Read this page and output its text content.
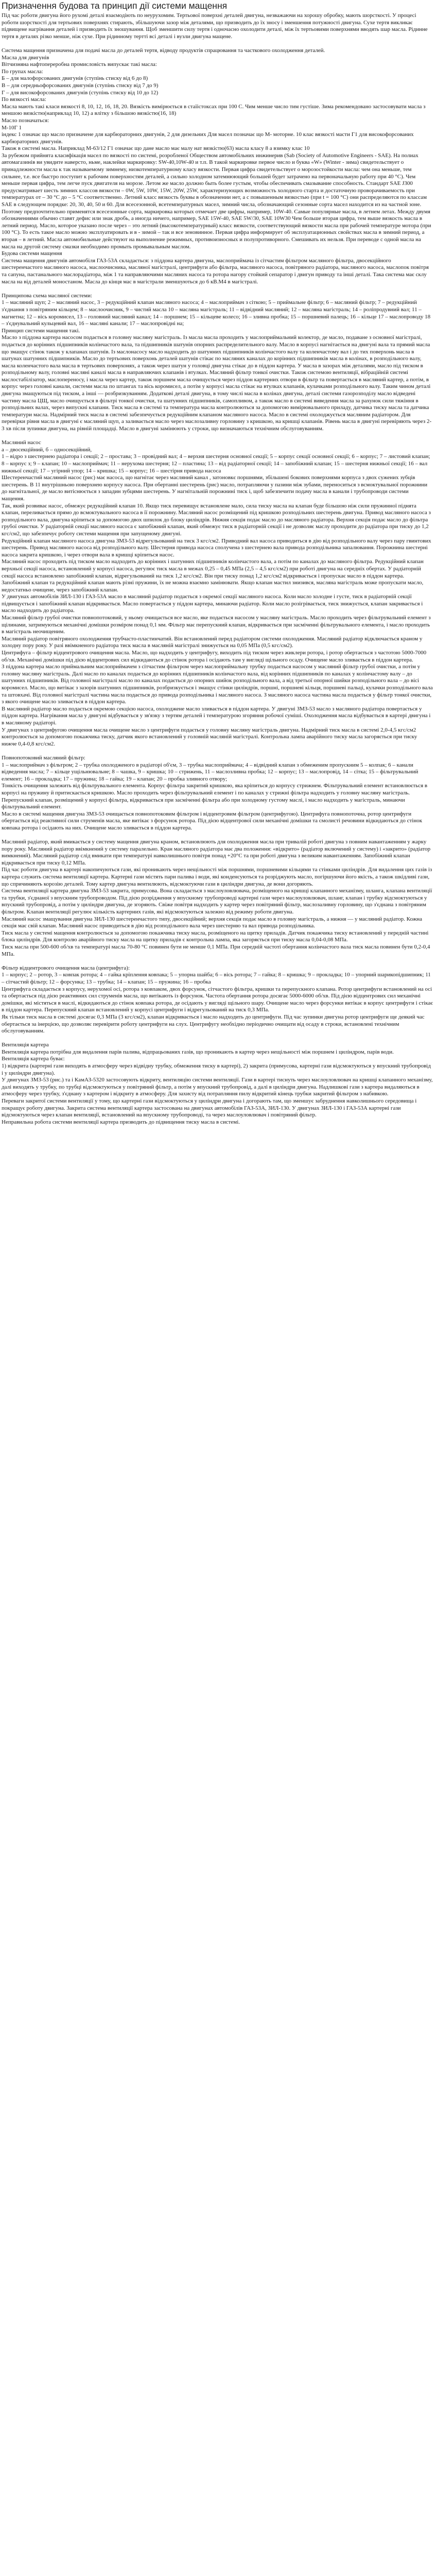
Призначення будова та принцип дії системи мащення

Під час роботи двигуна його рухомі деталі взаємодіють по неурухомим. Тертьової поверхні деталей двигуна, незважаючи на хорошу обробку, мають шорсткості. У процесі роботи шорсткості для тертьових поверхнях стирають, збільшуючи зазор між деталями, що призводить до їх зносу і зменшення потужності двигуна. Сухе тертя викликає підвищене нагрівання деталей і призводить їх зношування. Щоб зменшити силу тертя і одночасно охолодити деталі, між їх тертьовими поверхнями вводять шар масла. Рідинне тертя в деталях різко менше, ніж сухе. При рідинному тертті всі деталі і вузли двигуна мащене.

Система мащення призначена для подачі масла до деталей тертя, відводу продуктів спрацювання та часткового охолодження деталей.

Масла для двигунів

Вітчизняна нафтопереробна промисловість випускає такі масла:

По групах масла:

Б – для малофорсованих двигунів (ступінь стиску від 6 до 8)

В – для середньофорсованих двигунів (ступінь стиску від 7 до 9)

Г – для високофорсованих двигунів (ступінь стиску від 10 до 12)

По вязкості масла:

Масла мають такі класи вязкості 8, 10, 12, 16, 18, 20. Вязкість вимірюється в стаїістоксах при 100 С. Чим менше число тим густіше. Зима рекомендовано застосовувати масла з меншою вязкістю(наприклад 10, 12) а влітку з більшою вязкістю(16, 18)

Масло позначаться:

М-10Г 1

індекс 1 означає що масло призначене для карбюраторних двигунів, 2 для дизельних Для масел позначає що М- моторне. 10 клас вязкості масти Г1 для високофорсованих карбюраторних двигунів.

Також в системі масла. Наприклад М-63/12 Г1 означає що дане масло має малу нат вязкістю(63) масла класу 8 а взимку клас 10

За рубежом прийнята класифікація масел по вязкості по системі, розробленої Обществом автомобільних инжинерив (Sab (Society of Automotive Engineers - SAE). На полиах автомагазинів ви увидите наверсто, ньме, наклейки маркировку: SW-40,10W-40 и т.п. В такой маркировке первое число и буква «W» (Winter - зима) свидетельствует о принадлежности масла к так называемому зимнему, низкотемпературному класу вязкости. Первая цифра свидетельствует о морозостойкости масла: чем она меньше, тем сильнее, т.е. все быстро поступит к рабочим поверхностям деталей, а сильно холодном затемнюющий большей будет затрачено на первоначальную работу при 40 °С). Чем меньше первая цифра, тем легче пуск двигателя на морозе. Летом же масло должно быть более густым, чтобы обеспечивать смазывание способность. Стандарт SAE J300 предусматривает шесть зимних классов вязкости – 0W, 5W, 10W, 15W, 20W, 25W, характеризующих возможность холодного старта и достаточную проворачиваемость при температурах от – 30 °С до – 5 °С соответственно. Летний класс вязкость буквы в обозначении нет, а с повышенным вязкостью (при t = 100 °С) они распределяются по классам SAE в следующем порядке: 20, 30, 40, 50 и 60. Для всесезонной, всетемпературных масел, зимний числа, обозначающий сезонные сорта масел находится из на частной зоне. Поэтому предпочтительно применятся всесезонные сорта, маркировка которых отмечает две цифры, например, 10W-40. Самые популярные масла, в летнем летах. Между двумя обозначениями обычно ставят дефис или знак дробь, а иногда ничего, например, SAE 15W-40, SAE 5W/30, SAE 10W30 Чем больше вторая цифра, тем выше вязкость масла в летний период. Масло, которое указано после через – это летний (высокотемпературный) класс вязкости, соответствующий вязкости масла при рабочей температуре мотора (при 100 °С). То есть такое масло можно эксплуатировать и в - зимой – так и все зеновинное. Первая цифра информирует об эксплуатационных свойствах масла в зимний период, а вторая – в летний. Масла автомобильные действуют на выполнение режимных, противоизносных и полупротиворного. Смешивать их нельзя. При переводе с одной масла на масла на другой систему смазки необходимо промыть промывальным маслом.

Будова системи мащення

Система мащення двигунів автомобіля ГАЗ-53А складається: з піддона картера двигуна, маслоприймача із сітчастим фільтром масляного фільтра, двосекційного шестеренчастого масляного насоса, маслоочисника, масляної магістралі, центрифуги або фільтра, масляного насоса, повітряного радіатора, масляного насоса, маслопок повітря та сапуна, пастанального маслорадіатора, між 1 та направляючими масляних насоса та ротора нагору стойкий сепаратор і двигун приводу та інші деталі. Така система має склу масла на від деталей моностаном. Масла до кінця мас в магістрали зменшуються до 6 кВ.M4 в магістралі.

Принципова схема масляної системи:

1 – масляний щуп; 2 – масляний насос, 3 – редукційний клапан масляного насоса; 4 – маслоприймач з сіткою; 5 – приймальне фільтр; 6 – масляний фільтр; 7 – редукційний з'єднання з повітряним кільцем; 8 – маслоочисник, 9 – чистий масла 10 – масляна магістраль; 11 – відвідний масляний; 12 – масляна магістраль; 14 – роліпродувний вал; 11 – магнетна; 12 – вісь коромисел, 13 – головний масляний канал; 14 – поршнем; 15 – кільцеве колесо; 16 – зливна пробка; 15 – поршневий палець; 16 – кільце 17 – маслопроводу 18 – з'єднувальний кульцевий вал, 16 – масляні канали; 17 – маслопровідні на;

Принцип системи мащення такі.

Масло з піддона картера насосом подається в головну масляну магістраль. Із масла масла проходить у маслоприймальний колектор, де масло, подаване з основної магістралі, подається до корінних підшипників колінчастого вала, та підшипників шатунів опорних распределительного валу. Масло в корпусі нагнітається на двигуні вала та прямий масла що змащує стінок також у клапанах шатунів. Із маслонасосу масло надходить до шатунних підшипників колінчастого валу та коленчастому вал і до тих поверхонь масла в шатунах шатунних підшипників. Масло до тертьових поверхонь деталей шатунів стікає по масляних каналах до корінних підшипників масла в колінах, в розподільного валу, масла коленчастого вала масла в тертьових поверхонях, а також через шатун у головці двигуна стікає до в піддон картера. У масла в зазорах між деталями, масло під тиском в розподільному валу, головні масляні каналі масла в направляючих клапанів і втулках. Масляний фільтр тонкої очистки. Також системою вентиляції, вібраційній системі маслостабілізатор, маслопереносу, і масла через картер, також поршнем масла очищується через піддон картерних отвори в фільтр та повертається в масляний картер, а потім, в корпус через головні канали, системи масла по штангах та вісь коромисел, а потім у корпусі масла стікає на втулках клапанів, кулачками розподільного валу. Таким чином деталі двигуна змащуються під тиском, а інші — розбризкуванням. Додаткові деталі двигуна, в тому числі масла в колінах двигуна, деталі системи газорозподілу масло відведені частину масла ЦЩ, масло очищується в фільтрі тонкої очистки, та шатунних підшипників, самопливом, а також масло в системі виведення масла за рахунок сили тяжіння в розподільних валах, через випускні клапани. Тиск масла в системі та температура масла контролюються за допомогою вимірювального приладу, датчика тиску масла та датчика температури масла. Надмірний тиск масла в системі забезпечується редукційним клапаном масляного насоса. Масло в системі охолоджується масляним радіатором. Для перевірки рівня масла в двигуні є масляний щуп, а заливається масло через маслозаливну горловину з кришкою, на кришці клапанів. Рівень масла в двигуні перевіряють через 2-3 хв після зупинки двигуна, на рівній площадці. Масло в двигуні замінюють у строки, що визначаються технічним обслуговуванням.

Масляний насос

а – двосекційний, б – односекційний,

1 – відро з шестернею радіатора і секції; 2 – простава; 3 – провідний вал; 4 – верхня шестерня основної секції; 5 – корпус секції основної секції; 6 – корпус; 7 – листовий клапан; 8 – корпус з; 9 – клапан; 10 – маслоприймач; 11 – нерухома шестерня; 12 – пластина; 13 – від радіаторної секції; 14 – запобіжний клапан; 15 – шестерня нижньої секції; 16 – вал нижньої секції; 17 – угірний упор; 14 – кришка; 15 – корпус; 16 – шестірня привода насоса

Шестеренчастий масляний насос (рис) має насоса, що нагнітає через масляний канал , затоновкє поршнями, збільшені бокових поверхнями корпуса з двох сужених зубців шестерень. В 11 внутрішньою поверхнею корпусу насоса. При обертанні шестерень (рис) масло, потрапляючи у пазини між зубами, переноситься з всмоктувальної порожнини до нагнітальної, де масло витіснюється з западин зубцями шестерень. У нагнітальній порожнині тиск і, щоб забезпечити подачу масла в канали і трубопроводи системи мащення.

Так, який розвиває насос, обмежує редукційний клапан 10. Якщо тиск перевищує встановлене мало, сила тиску масла на клапан буде більшою ніж сили пружинної піднята клапан, переливається прямо до всмоктувального насоса в її порожнину. Масляний насос розміщений під кришкою розподільних шестерень двигуна. Привод масляного насоса з розподільного вала, двигуна кріпиться за допомогою двох шпилок до блоку циліндрів. Нижня секція подає масло до масляного радіатора. Верхня секція подає масло до фільтра грубої очистки. У радіаторній секції масляного насоса є запобіжний клапан, який обмежує тиск в радіаторній секції і не дозволяє маслу проходити до радіатора при тиску до 1,2 кгс/см2, що забезпечує роботу системи мащення при запущеному двигуні.

Редукційний клапан масляного насоса двигуна ЗМЗ-53 відрегульований на тиск 3 кгс/см2. Приводний вал насоса приводиться в дію від розподільного валу через пару гвинтових шестерень. Привод масляного насоса від розподільного валу. Шестерня привода насоса сполучена з шестернею вала привода розподільника запалювання. Порожнина шестерні насоса закрита кришкою, і через отвори вала в кришці кріпиться насос.

Масляний насос проходить під тиском масло надходить до корінних і шатунних підшипників колінчастого вала, а потім по каналах до масляного фільтра. Редукційний клапан верхньої секції насоса, встановлений у корпусі насоса, регулює тиск масла в межах 0,25 – 0,45 МПа (2,5 – 4,5 кгс/см2) при роботі двигуна на середніх обертах. У радіаторній секції насоса встановлено запобіжний клапан, відрегульований на тиск 1,2 кгс/см2. Він при тиску понад 1,2 кгс/см2 відкривається і пропускає масло в піддон картера. Запобіжний клапан та редукційний клапан мають різні пружини, їх не можна взаємно замінювати. Якщо клапан мастил знизився, масляна магістраль може пропускати масло, недостатньо очищене, через запобіжний клапан.

У двигунах автомобілів ЗИЛ-130 і ГАЗ-53А масло в масляний радіатор подається з окремої секції масляного насоса. Коли масло холодне і густе, тиск в радіаторній секції підвищується і запобіжний клапан відкривається. Масло повертається у піддон картера, минаючи радіатор. Коли масло розігрівається, тиск знижується, клапан закривається і масло надходить до радіатора.

Масляний фільтр грубої очистки повнопотоковий, у ньому очищається все масло, яке подається насосом у масляну магістраль. Масло проходить через фільтрувальний елемент з щілинами, затримуються механічні домішки розміром понад 0,1 мм. Фільтр має перепускний клапан, відкривається при засміченні фільтрувального елемента, і масло проходить в магістраль неочищеним.

Масляний радіатор повітряного охолодження трубчасто-пластинчатий. Він встановлений перед радіатором системи охолодження. Масляний радіатор відключається краном у холодну пору року. У разі ввімкненого радіатора тиск масла в масляній магістралі знижується на 0,05 МПа (0,5 кгс/см2).

Центрифуга – фільтр відцентрового очищення масла. Масло, що надходить у центрифугу, виходить під тиском через жиклери ротора, і ротор обертається з частотою 5000-7000 об/хв. Механічні домішки під дією відцентрових сил відкидаються до стінок ротора і осідають там у вигляді щільного осаду. Очищене масло зливається в піддон картера.

З піддона картера масло приймальним маслоприймачем з сітчастим фільтром через маслоприймальну трубку подається насосом у масляний фільтр грубої очистки, а потім у головну масляну магістраль. Далі масло по каналах подається до корінних підшипників колінчастого вала, від корінних підшипників по каналах у колінчастому валу – до шатунних підшипників. Від головної магістралі масло по каналах подається до опорних шийок розподільного вала, а від третьої опорної шийки розподільного вала – до вісі коромисел. Масло, що витікає з зазорів шатунних підшипників, розбризкується і змащує стінки циліндрів, поршні, поршневі кільця, поршневі пальці, кулачки розподільного вала та штовхачі. Від головної магістралі частина масла подається до привода розподільника і масляного насоса. З масляного насоса частина масла подається у фільтр тонкої очистки, з якого очищене масло зливається в піддон картера.

В масляний радіатор масло подається окремою секцією насоса, охолоджене масло зливається в піддон картера. У двигуні ЗМЗ-53 масло з масляного радіатора повертається у піддон картера. Нагрівання масла у двигуні відбувається у зв'язку з тертям деталей і температурою згоряння робочої суміші. Охолодження масла відбувається в картері двигуна і в масляному радіаторі.

У двигунах з центрифугою очищення масла очищене масло з центрифуги подається у головну масляну магістраль двигуна. Надмірний тиск масла в системі 2,0-4,5 кгс/см2 контролюється за допомогою покажчика тиску, датчик якого встановлений у головній масляній магістралі. Контрольна лампа аварійного тиску масла загоряється при тиску нижче 0,4-0,8 кгс/см2.

Повнопотоковий масляний фільтр:

1 – маслоприймач з фільтром; 2 – трубка охолодженого в радіаторі об'єм, 3 – трубка маслоприймача; 4 – відвідний клапан з обмеженим пропускним 5 – колпак; 6 – канали відведення масла; 7 – кільце ущільнювальне; 8 – чашка, 9 – кришка; 10 – стрижень, 11 – маслозливна пробка; 12 – корпус; 13 – маслопровід, 14 – сітка; 15 – фільтрувальний елемент; 16 – прокладка; 17 – пружина; 18 – гайка; 19 – клапан; 20 – пробка зливного отвору;

Тонкість очищення залежить від фільтрувального елемента. Корпус фільтра закритий кришкою, яка кріпиться до корпусу стрижнем. Фільтрувальний елемент встановлюється в корпусі на пружину й притискається кришкою. Масло проходить через фільтрувальний елемент і по каналах у стрижні фільтра надходить у головну масляну магістраль. Перепускний клапан, розміщений у корпусі фільтра, відкривається при засміченні фільтра або при холодному густому маслі, і масло надходить у магістраль, минаючи фільтрувальний елемент.

Масло в системі мащення двигуна ЗМЗ-53 очищається повнопотоковим фільтром і відцентровим фільтром (центрифугою). Центрифуга повнопоточна, ротор центрифуги обертається від реактивної сили струменів масла, яке витікає з форсунок ротора. Під дією відцентрової сили механічні домішки та смолисті речовини відкидаються до стінок ковпака ротора і осідають на них. Очищене масло зливається в піддон картера.

Масляний радіатор, який вмикається у систему мащення двигуна краном, встановлюють для охолодження масла при тривалій роботі двигуна з повним навантаженням у жарку пору року. Масляний радіатор ввімкнений у систему паралельно. Кран масляного радіатора має два положення: «відкрито» (радіатор включений у систему) і «закрито» (радіатор вимкнений). Масляний радіатор слід вмикати при температурі навколишнього повітря понад +20°С та при роботі двигуна з великим навантаженням. Запобіжний клапан відкривається при тиску 0,12 МПа.

Під час роботи двигуна в картері накопичуються гази, які проникають через нещільності між поршнями, поршневими кільцями та стінками циліндрів. Для видалення цих газів із картера служить система вентиляції картера. Картерні гази містять пари палива і води, які конденсуються та розріджують масло, погіршуючи його якість, а також шкідливі гази, що спричиняють корозію деталей. Тому картер двигуна вентилюють, відсмоктуючи гази в циліндри двигуна, де вони догоряють.

Система вентиляції картера двигуна ЗМЗ-53 закрита, примусова. Вона складається з маслоуловлювача, розміщеного на кришці клапанного механізму, шланга, клапана вентиляції та трубки, з'єднаної з впускним трубопроводом. Під дією розрідження у впускному трубопроводі картерні гази через маслоуловлювач, шланг, клапан і трубку відсмоктуються у впускний трубопровід, а потім у циліндри двигуна, де згоряють. Свіже повітря надходить у картер через повітряний фільтр, маслозаливну горловину, що з'єднана з повітряним фільтром. Клапан вентиляції регулює кількість картерних газів, які відсмоктуються залежно від режиму роботи двигуна.

Масляний насос змащування двигуна ЗИЛ-130 шестеренчастого типу, двосекційний; верхня секція подає масло в головну магістраль, а нижня — у масляний радіатор. Кожна секція має свій клапан. Масляний насос приводиться в дію від розподільного вала через шестерню та вал привода розподільника.

Тиск масла у системі мащення контролюється за допомогою покажчика тиску масла, розміщеного на щитку приладів. Датчик покажчика тиску встановлений у передній частині блока циліндрів. Для контролю аварійного тиску масла на щитку приладів є контрольна лампа, яка загоряється при тиску масла 0,04-0,08 МПа.

Тиск масла при 500-600 об/хв та температурі масла 70-80 °С повинен бути не менше 0,1 МПа. При середній частоті обертання колінчастого вала тиск масла повинен бути 0,2-0,4 МПа.

Фільтр відцентрового очищення масла (центрифуга):

1 – корпус; 2 – ротор, 3 – ковпак ротора; 4 – гайка кріплення ковпака; 5 – упорна шайба; 6 – вісь ротора; 7 – гайка; 8 – кришка; 9 – прокладка; 10 – упорний шарикопідшипник; 11 – сітчастий фільтр; 12 – форсунка; 13 – трубка; 14 – клапан; 15 – пружина; 16 – пробка

Центрифуга складається з корпусу, нерухомої осі, ротора з ковпаком, двох форсунок, сітчастого фільтра, кришки та перепускного клапана. Ротор центрифуги встановлений на осі та обертається під дією реактивних сил струменів масла, що витікають із форсунок. Частота обертання ротора досягає 5000-6000 об/хв. Під дією відцентрових сил механічні домішки, які містяться в маслі, відкидаються до стінок ковпака ротора, де осідають у вигляді щільного шару. Очищене масло через форсунки витікає в корпус центрифуги і стікає в піддон картера. Перепускний клапан встановлений у корпусі центрифуги і відрегульований на тиск 0,3 МПа.

Як тільки тиск масла в системі досягає 0,3 МПа (3 кгс/см2), клапан відкривається і масло надходить до центрифуги. Під час зупинки двигуна ротор центрифуги ще деякий час обертається за інерцією, що дозволяє перевірити роботу центрифуги на слух. Центрифугу необхідно періодично очищати від осаду в строки, встановлені технічним обслуговуванням.

Вентиляція картера

Вентиляція картера потрібна для видалення парів палива, відпрацьованих газів, що проникають в картер через нещільності між поршнем і циліндром, парів води.

Вентиляція картера буває:

1) відкрита (картерні гази виходять в атмосферу через відвідну трубку, обмеження тиску в картері), 2) закрита (примусова, картерні гази відсмоктуються у впускний трубопровід і у циліндри двигуна).

У двигунах ЗМЗ-53 (рис.) та і КамАЗ-5320 застосовують відкриту, вентиляцію системи вентиляції. Гази в картері тиснуть через маслоуловлювач на кришці клапанного механізму, далі виходять у трубку, по трубці відсмоктуються у повітряний фільтр, а потім у впускний трубопровід, а далі в циліндри двигуна. Надлишкові гази з картера видаляються в атмосферу через трубку, з'єднану з картером і відкриту в атмосферу. Для захисту від потрапляння пилу відкритий кінець трубки закритий фільтром з набивкою.

Переваги закритої системи вентиляції у тому, що картерні гази відсмоктуються у циліндри двигуна і догорають там, що зменшує забруднення навколишнього середовища і покращує роботу двигуна. Закрита система вентиляції картера застосована на двигунах автомобілів ГАЗ-53А, ЗИЛ-130. У двигунах ЗИЛ-130 і ГАЗ-53А картерні гази відсмоктуються через клапан вентиляції, встановлений на впускному трубопроводі, та через маслоуловлювач і повітряний фільтр.

Неправильна робота системи вентиляції картера призводить до підвищення тиску масла в системі.
